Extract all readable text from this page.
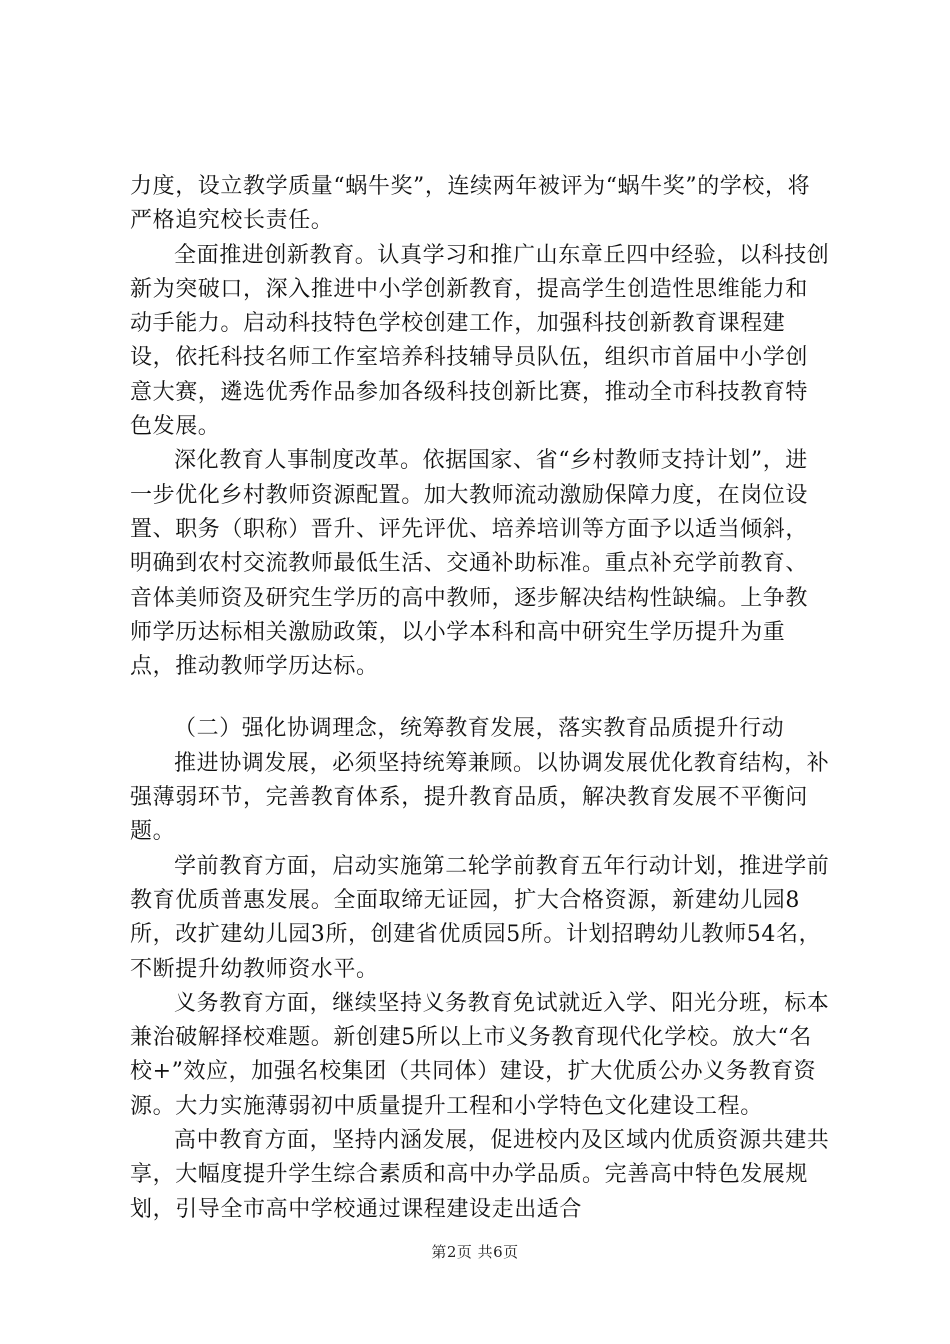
力度，设立教学质量“蜗牛奖”，连续两年被评为“蜗牛奖”的学校，将严格追究校长责任。

全面推进创新教育。认真学习和推广山东章丘四中经验，以科技创新为突破口，深入推进中小学创新教育，提高学生创造性思维能力和动手能力。启动科技特色学校创建工作，加强科技创新教育课程建设，依托科技名师工作室培养科技辅导员队伍，组织市首届中小学创意大赛，遴选优秀作品参加各级科技创新比赛，推动全市科技教育特色发展。

深化教育人事制度改革。依据国家、省“乡村教师支持计划”，进一步优化乡村教师资源配置。加大教师流动激励保障力度，在岗位设置、职务（职称）晋升、评先评优、培养培训等方面予以适当倾斜，明确到农村交流教师最低生活、交通补助标准。重点补充学前教育、音体美师资及研究生学历的高中教师，逐步解决结构性缺编。上争教师学历达标相关激励政策，以小学本科和高中研究生学历提升为重点，推动教师学历达标。

（二）强化协调理念，统筹教育发展，落实教育品质提升行动

推进协调发展，必须坚持统筹兼顾。以协调发展优化教育结构，补强薄弱环节，完善教育体系，提升教育品质，解决教育发展不平衡问题。

学前教育方面，启动实施第二轮学前教育五年行动计划，推进学前教育优质普惠发展。全面取缔无证园，扩大合格资源，新建幼儿园8所，改扩建幼儿园3所，创建省优质园5所。计划招聘幼儿教师54名，不断提升幼教师资水平。

义务教育方面，继续坚持义务教育免试就近入学、阳光分班，标本兼治破解择校难题。新创建5所以上市义务教育现代化学校。放大“名校+”效应，加强名校集团（共同体）建设，扩大优质公办义务教育资源。大力实施薄弱初中质量提升工程和小学特色文化建设工程。

高中教育方面，坚持内涵发展，促进校内及区域内优质资源共建共享，大幅度提升学生综合素质和高中办学品质。完善高中特色发展规划，引导全市高中学校通过课程建设走出适合

第2页 共6页
